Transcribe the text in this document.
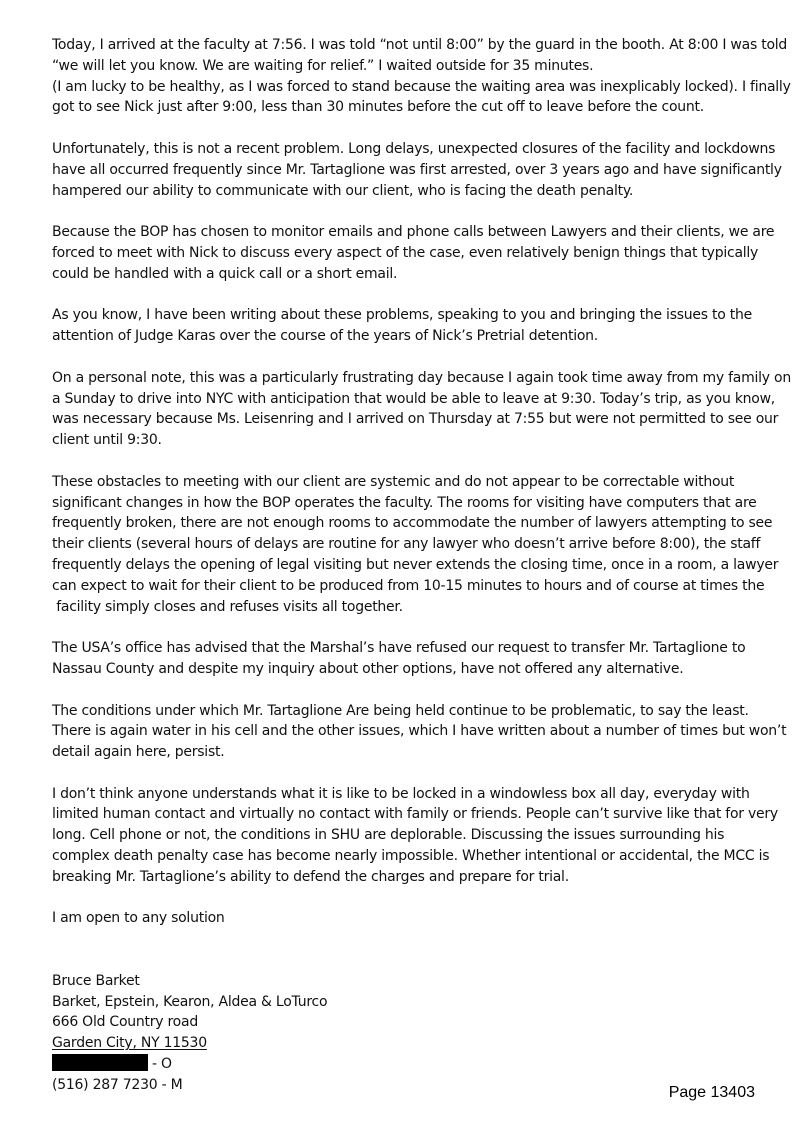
Today, I arrived at the faculty at 7:56. I was told “not until 8:00” by the guard in the booth. At 8:00 I was told
“we will let you know. We are waiting for relief.” I waited outside for 35 minutes.
(I am lucky to be healthy, as I was forced to stand because the waiting area was inexplicably locked). I finally
got to see Nick just after 9:00, less than 30 minutes before the cut off to leave before the count.

Unfortunately, this is not a recent problem. Long delays, unexpected closures of the facility and lockdowns
have all occurred frequently since Mr. Tartaglione was first arrested, over 3 years ago and have significantly
hampered our ability to communicate with our client, who is facing the death penalty.

Because the BOP has chosen to monitor emails and phone calls between Lawyers and their clients, we are
forced to meet with Nick to discuss every aspect of the case, even relatively benign things that typically
could be handled with a quick call or a short email.

As you know, I have been writing about these problems, speaking to you and bringing the issues to the
attention of Judge Karas over the course of the years of Nick’s Pretrial detention.

On a personal note, this was a particularly frustrating day because I again took time away from my family on
a Sunday to drive into NYC with anticipation that would be able to leave at 9:30. Today’s trip, as you know,
was necessary because Ms. Leisenring and I arrived on Thursday at 7:55 but were not permitted to see our
client until 9:30.

These obstacles to meeting with our client are systemic and do not appear to be correctable without
significant changes in how the BOP operates the faculty. The rooms for visiting have computers that are
frequently broken, there are not enough rooms to accommodate the number of lawyers attempting to see
their clients (several hours of delays are routine for any lawyer who doesn’t arrive before 8:00), the staff
frequently delays the opening of legal visiting but never extends the closing time, once in a room, a lawyer
can expect to wait for their client to be produced from 10-15 minutes to hours and of course at times the
facility simply closes and refuses visits all together.

The USA’s office has advised that the Marshal’s have refused our request to transfer Mr. Tartaglione to
Nassau County and despite my inquiry about other options, have not offered any alternative.

The conditions under which Mr. Tartaglione Are being held continue to be problematic, to say the least.
There is again water in his cell and the other issues, which I have written about a number of times but won’t
detail again here, persist.

I don’t think anyone understands what it is like to be locked in a windowless box all day, everyday with
limited human contact and virtually no contact with family or friends. People can’t survive like that for very
long. Cell phone or not, the conditions in SHU are deplorable. Discussing the issues surrounding his
complex death penalty case has become nearly impossible. Whether intentional or accidental, the MCC is
breaking Mr. Tartaglione’s ability to defend the charges and prepare for trial.

I am open to any solution

Bruce Barket
Barket, Epstein, Kearon, Aldea & LoTurco
666 Old Country road
Garden City, NY 11530
- O
(516) 287 7230 - M	Page 13403
